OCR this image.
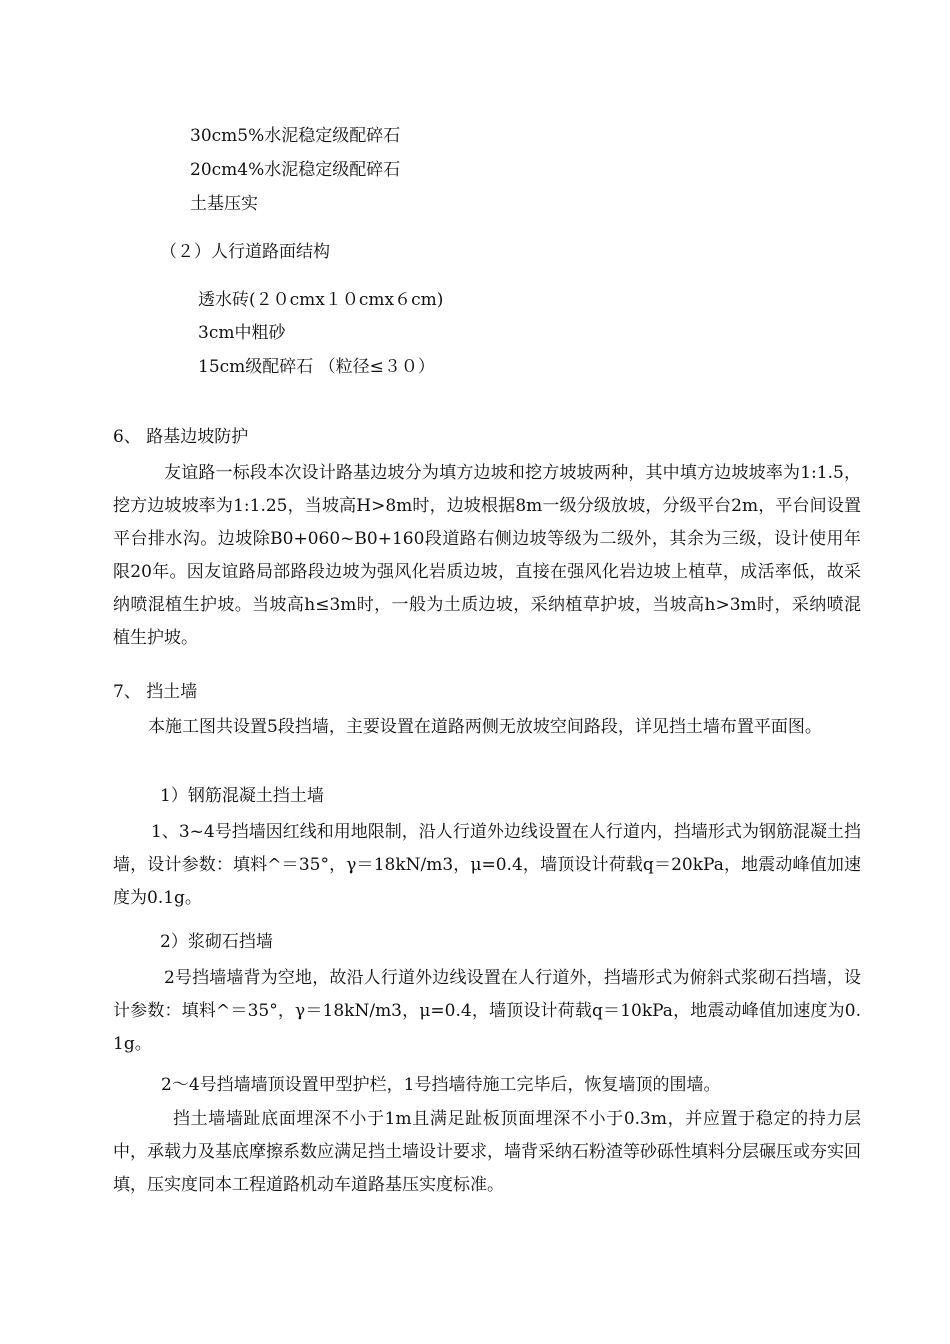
30cm5%水泥稳定级配碎石
20cm4%水泥稳定级配碎石
土基压实
（２）人行道路面结构
透水砖(２０cmx１０cmx６cm)
3cm中粗砂
15cm级配碎石 （粒径≤３０）
6、 路基边坡防护
友谊路一标段本次设计路基边坡分为填方边坡和挖方坡坡两种，其中填方边坡坡率为1:1.5，挖方边坡坡率为1:1.25，当坡高H>8m时，边坡根据8m一级分级放坡，分级平台2m，平台间设置平台排水沟。边坡除B0+060~B0+160段道路右侧边坡等级为二级外，其余为三级，设计使用年限20年。因友谊路局部路段边坡为强风化岩质边坡，直接在强风化岩边坡上植草，成活率低，故采纳喷混植生护坡。当坡高h≤3m时，一般为土质边坡，采纳植草护坡，当坡高h>3m时，采纳喷混植生护坡。
7、 挡土墙
本施工图共设置5段挡墙，主要设置在道路两侧无放坡空间路段，详见挡土墙布置平面图。
1）钢筋混凝土挡土墙
1、3~4号挡墙因红线和用地限制，沿人行道外边线设置在人行道内，挡墙形式为钢筋混凝土挡墙，设计参数：填料^＝35°，γ＝18kN/m3，μ=0.4，墙顶设计荷载q＝20kPa，地震动峰值加速度为0.1g。
2）浆砌石挡墙
2号挡墙墙背为空地，故沿人行道外边线设置在人行道外，挡墙形式为俯斜式浆砌石挡墙，设计参数：填料^＝35°，γ＝18kN/m3，μ=0.4，墙顶设计荷载q＝10kPa，地震动峰值加速度为0.1g。
2～4号挡墙墙顶设置甲型护栏，1号挡墙待施工完毕后，恢复墙顶的围墙。
挡土墙墙趾底面埋深不小于1m且满足趾板顶面埋深不小于0.3m，并应置于稳定的持力层中，承载力及基底摩擦系数应满足挡土墙设计要求，墙背采纳石粉渣等砂砾性填料分层碾压或夯实回填，压实度同本工程道路机动车道路基压实度标准。
